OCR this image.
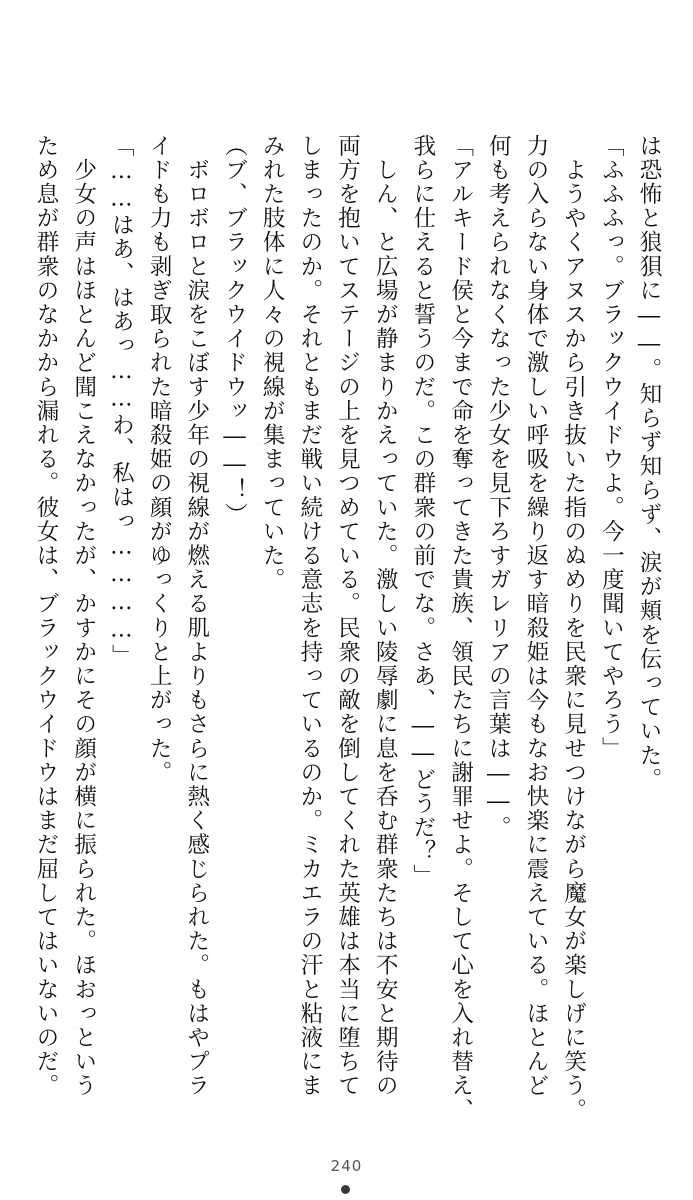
は恐怖と狼狽に――。知らず知らず、涙が頬を伝っていた。
「ふふふっ。ブラックウイドウよ。今一度聞いてやろう」
　ようやくアヌスから引き抜いた指のぬめりを民衆に見せつけながら魔女が楽しげに笑う。
力の入らない身体で激しい呼吸を繰り返す暗殺姫は今もなお快楽に震えている。ほとんど
何も考えられなくなった少女を見下ろすガレリアの言葉は――。
「アルキード侯と今まで命を奪ってきた貴族、領民たちに謝罪せよ。そして心を入れ替え、
我らに仕えると誓うのだ。この群衆の前でな。さあ、――どうだ？」
　しん、と広場が静まりかえっていた。激しい陵辱劇に息を呑む群衆たちは不安と期待の
両方を抱いてステージの上を見つめている。民衆の敵を倒してくれた英雄は本当に堕ちて
しまったのか。それともまだ戦い続ける意志を持っているのか。ミカエラの汗と粘液にま
みれた肢体に人々の視線が集まっていた。
（ブ、ブラックウイドウッ――！）
　ボロボロと涙をこぼす少年の視線が燃える肌よりもさらに熱く感じられた。もはやプラ
イドも力も剥ぎ取られた暗殺姫の顔がゆっくりと上がった。
「……はあ、はあっ……わ、私はっ…………」
　少女の声はほとんど聞こえなかったが、かすかにその顔が横に振られた。ほおっという
ため息が群衆のなかから漏れる。彼女は、ブラックウイドウはまだ屈してはいないのだ。
240
